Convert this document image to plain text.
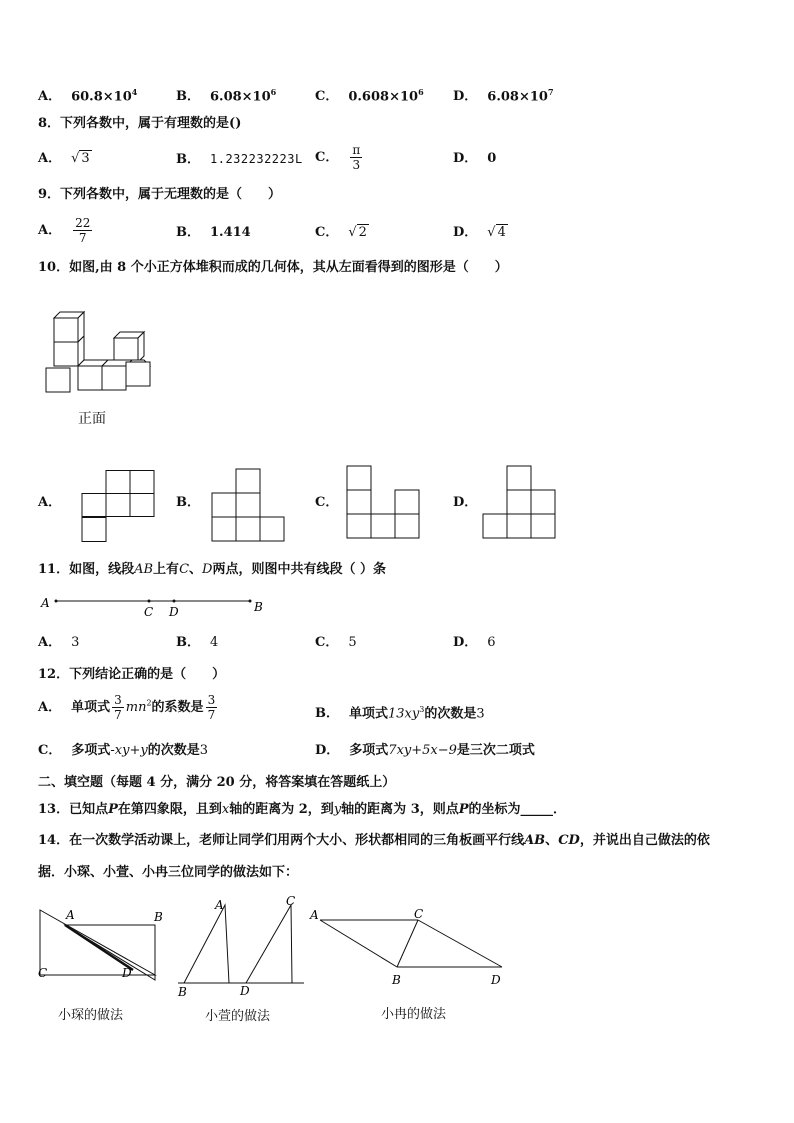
A． $60.8\times 10^4$	B． $6.08\times 10^6$	C． $0.608\times 10^6$ D． $6.08\times 10^7$
8．下列各数中，属于有理数的是()
A． √ 3	B． 1.232232223L C． $\frac{\pi}{3}$	D． 0
9．下列各数中，属于无理数的是（　　）
A． $\frac{22}{7}$	B． 1.414	C． √ 2	D． √ 4
10．如图,由 8 个小正方体堆积而成的几何体，其从左面看得到的图形是（　　）
正面
A．	B．	C．	D．
11．如图，线段AB上有C、D两点，则图中共有线段（ ）条
A
C D	B
A． 3	B． 4	C． 5	D． 6
12．下列结论正确的是（　　）
A． 单项式 $\frac{3}{7} mn^2$的系数是 $\frac{3}{7}$	B． 单项式$13xy^3$的次数是3
C． 多项式-xy+y的次数是3	D． 多项式7xy+5x−9是三次二项式
二、填空题（每题 4 分，满分 20 分，将答案填在答题纸上）
13．已知点P在第四象限，且到x轴的距离为 2，到y轴的距离为 3，则点P的坐标为_____．
14．在一次数学活动课上，老师让同学们用两个大小、形状都相同的三角板画平行线AB、CD，并说出自己做法的依
据．小琛、小萱、小冉三位同学的做法如下：
A	B
C	D
小琛的做法
A
B
C
D
小萱的做法
A
B
C
D
小冉的做法
